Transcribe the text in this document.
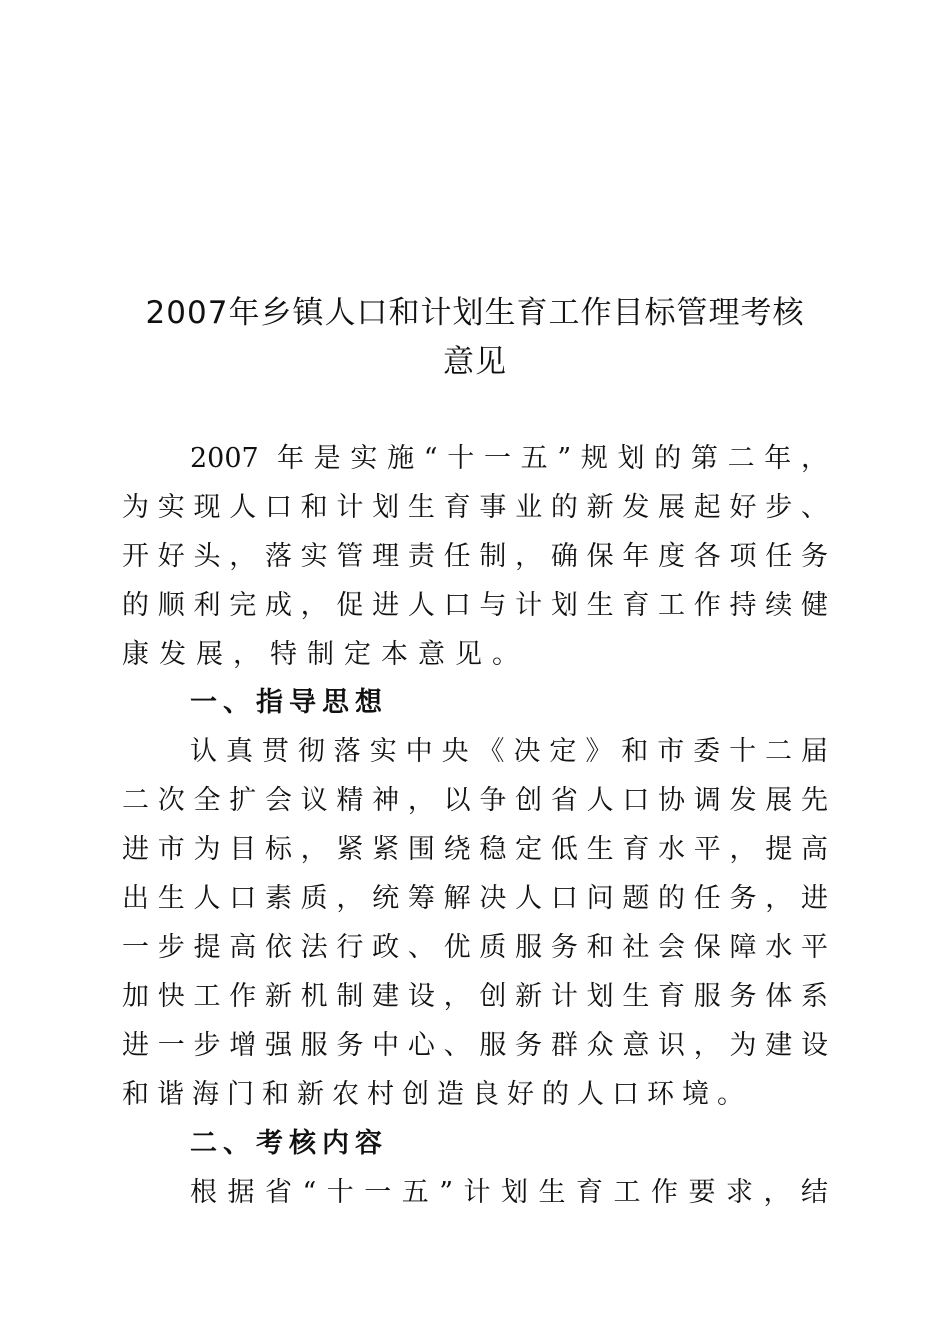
2007年乡镇人口和计划生育工作目标管理考核
意见
2007 年是实施“十一五”规划的第二年，
为实现人口和计划生育事业的新发展起好步、
开好头，落实管理责任制，确保年度各项任务
的顺利完成，促进人口与计划生育工作持续健
康发展，特制定本意见。
一、指导思想
认真贯彻落实中央《决定》和市委十二届
二次全扩会议精神，以争创省人口协调发展先
进市为目标，紧紧围绕稳定低生育水平，提高
出生人口素质，统筹解决人口问题的任务，进
一步提高依法行政、优质服务和社会保障水平
加快工作新机制建设，创新计划生育服务体系
进一步增强服务中心、服务群众意识，为建设
和谐海门和新农村创造良好的人口环境。
二、考核内容
根据省“十一五”计划生育工作要求，结
